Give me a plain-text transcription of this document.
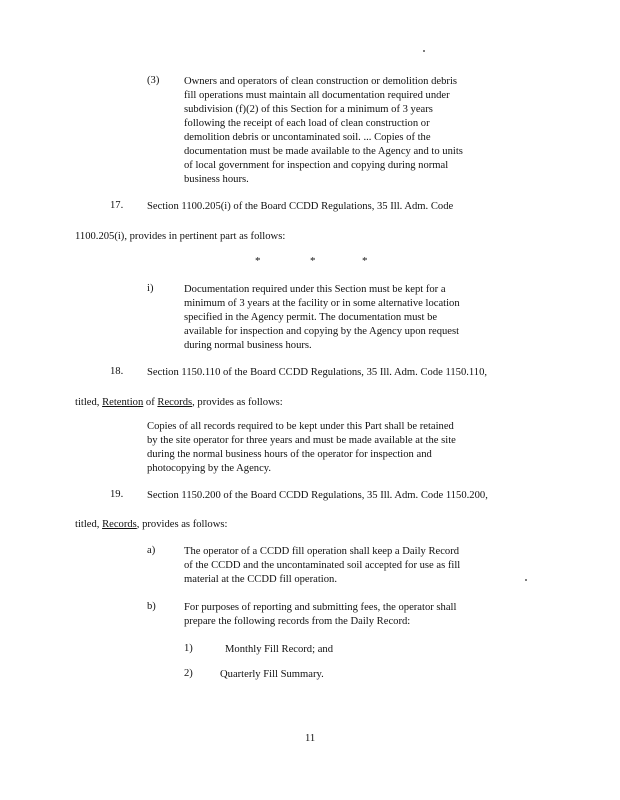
(3) Owners and operators of clean construction or demolition debris
fill operations must maintain all documentation required under
subdivision (f)(2) of this Section for a minimum of 3 years
following the receipt of each load of clean construction or
demolition debris or uncontaminated soil. ... Copies of the
documentation must be made available to the Agency and to units
of local government for inspection and copying during normal
business hours.
17. Section 1100.205(i) of the Board CCDD Regulations, 35 Ill. Adm. Code
1100.205(i), provides in pertinent part as follows:
*	*	*
i)	Documentation required under this Section must be kept for a
minimum of 3 years at the facility or in some alternative location
specified in the Agency permit. The documentation must be
available for inspection and copying by the Agency upon request
during normal business hours.
18. Section 1150.110 of the Board CCDD Regulations, 35 Ill. Adm. Code 1150.110,
titled, Retention of Records, provides as follows:
Copies of all records required to be kept under this Part shall be retained
by the site operator for three years and must be made available at the site
during the normal business hours of the operator for inspection and
photocopying by the Agency.
19. Section 1150.200 of the Board CCDD Regulations, 35 Ill. Adm. Code 1150.200,
titled, Records, provides as follows:
a)	The operator of a CCDD fill operation shall keep a Daily Record
of the CCDD and the uncontaminated soil accepted for use as fill
material at the CCDD fill operation.
b)	For purposes of reporting and submitting fees, the operator shall
prepare the following records from the Daily Record:
1)	Monthly Fill Record; and
2)	Quarterly Fill Summary.
11
